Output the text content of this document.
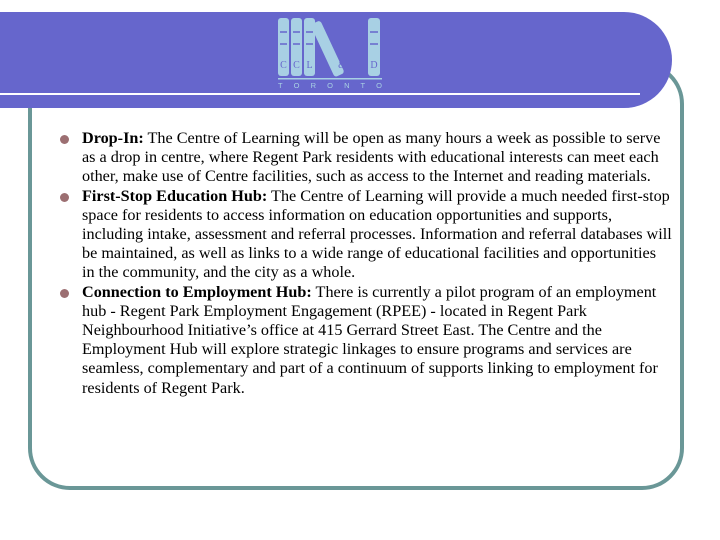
C C L	& D
T O R O N T O

Drop-In: The Centre of Learning will be open as many hours a week as possible to serve as a drop in centre, where Regent Park residents with educational interests can meet each other, make use of Centre facilities, such as access to the Internet and reading materials.

First-Stop Education Hub: The Centre of Learning will provide a much needed first-stop space for residents to access information on education opportunities and supports, including intake, assessment and referral processes. Information and referral databases will be maintained, as well as links to a wide range of educational facilities and opportunities in the community, and the city as a whole.

Connection to Employment Hub: There is currently a pilot program of an employment hub - Regent Park Employment Engagement (RPEE) - located in Regent Park Neighbourhood Initiative’s office at 415 Gerrard Street East. The Centre and the Employment Hub will explore strategic linkages to ensure programs and services are seamless, complementary and part of a continuum of supports linking to employment for residents of Regent Park.
